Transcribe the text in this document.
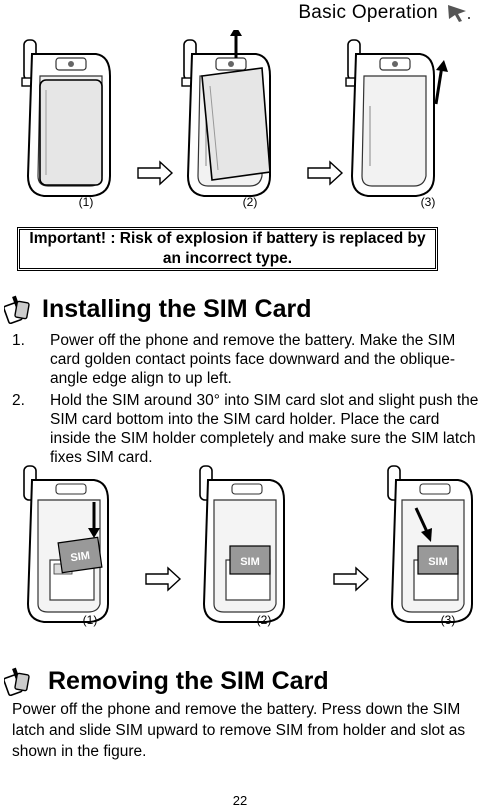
Basic Operation
(1)	(2)	(3)
Important! : Risk of explosion if battery is replaced by an incorrect type.
Installing the SIM Card
1.	Power off the phone and remove the battery. Make the SIM card golden contact points face downward and the oblique-angle edge align to up left.
2.	Hold the SIM around 30° into SIM card slot and slight push the SIM card bottom into the SIM card holder. Place the card inside the SIM holder completely and make sure the SIM latch fixes SIM card.
SIM	SIM	SIM
(1)	(2)	(3)
Removing the SIM Card

Power off the phone and remove the battery. Press down the SIM latch and slide SIM upward to remove SIM from holder and slot as shown in the figure.

22
